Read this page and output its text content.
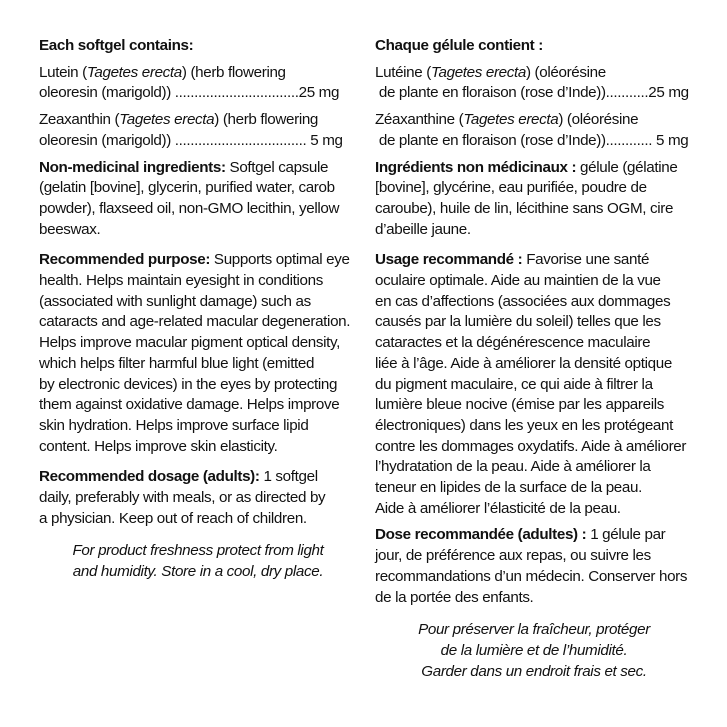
Each softgel contains:
Lutein (Tagetes erecta) (herb flowering
oleoresin (marigold)) ................................25 mg
Zeaxanthin (Tagetes erecta) (herb flowering
oleoresin (marigold)) .................................. 5 mg
Non-medicinal ingredients: Softgel capsule
(gelatin [bovine], glycerin, purified water, carob
powder), flaxseed oil, non-GMO lecithin, yellow
beeswax.
Recommended purpose: Supports optimal eye
health. Helps maintain eyesight in conditions
(associated with sunlight damage) such as
cataracts and age-related macular degeneration.
Helps improve macular pigment optical density,
which helps filter harmful blue light (emitted
by electronic devices) in the eyes by protecting
them against oxidative damage. Helps improve
skin hydration. Helps improve surface lipid
content. Helps improve skin elasticity.
Recommended dosage (adults): 1 softgel
daily, preferably with meals, or as directed by
a physician. Keep out of reach of children.
For product freshness protect from light
and humidity. Store in a cool, dry place.
Chaque gélule contient :
Lutéine (Tagetes erecta) (oléorésine
de plante en floraison (rose d’Inde))...........25 mg
Zéaxanthine (Tagetes erecta) (oléorésine
de plante en floraison (rose d’Inde))............ 5 mg
Ingrédients non médicinaux : gélule (gélatine
[bovine], glycérine, eau purifiée, poudre de
caroube), huile de lin, lécithine sans OGM, cire
d’abeille jaune.
Usage recommandé : Favorise une santé
oculaire optimale. Aide au maintien de la vue
en cas d’affections (associées aux dommages
causés par la lumière du soleil) telles que les
cataractes et la dégénérescence maculaire
liée à l’âge. Aide à améliorer la densité optique
du pigment maculaire, ce qui aide à filtrer la
lumière bleue nocive (émise par les appareils
électroniques) dans les yeux en les protégeant
contre les dommages oxydatifs. Aide à améliorer
l’hydratation de la peau. Aide à améliorer la
teneur en lipides de la surface de la peau.
Aide à améliorer l’élasticité de la peau.
Dose recommandée (adultes) : 1 gélule par
jour, de préférence aux repas, ou suivre les
recommandations d’un médecin. Conserver hors
de la portée des enfants.
Pour préserver la fraîcheur, protéger
de la lumière et de l’humidité.
Garder dans un endroit frais et sec.
